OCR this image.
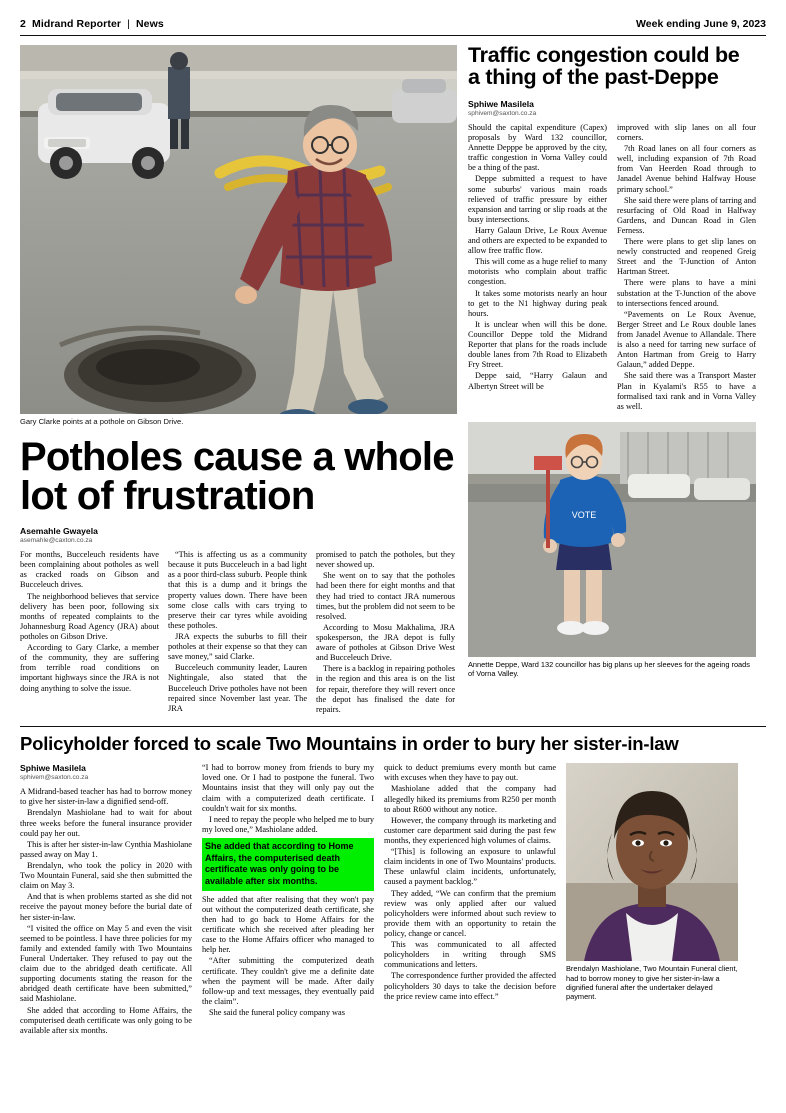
2 Midrand Reporter | News	Week ending June 9, 2023
Gary Clarke points at a pothole on Gibson Drive.
Potholes cause a whole lot of frustration
Asemahle Gwayela
asemahle@caxton.co.za

For months, Bucceleuch residents have been complaining about potholes as well as cracked roads on Gibson and Bucceleuch drives.

The neighborhood believes that service delivery has been poor, following six months of repeated complaints to the Johannesburg Road Agency (JRA) about potholes on Gibson Drive.

According to Gary Clarke, a member of the community, they are suffering from terrible road conditions on important highways since the JRA is not doing anything to solve the issue.

“This is affecting us as a community because it puts Bucceleuch in a bad light as a poor third-class suburb. People think that this is a dump and it brings the property values down. There have been some close calls with cars trying to preserve their car tyres while avoiding these potholes.

JRA expects the suburbs to fill their potholes at their expense so that they can save money,” said Clarke.

Bucceleuch community leader, Lauren Nightingale, also stated that the Bucceleuch Drive potholes have not been repaired since November last year. The JRA

promised to patch the potholes, but they never showed up.

She went on to say that the potholes had been there for eight months and that they had tried to contact JRA numerous times, but the problem did not seem to be resolved.

According to Mosu Makhalima, JRA spokesperson, the JRA depot is fully aware of potholes at Gibson Drive West and Bucceleuch Drive.

There is a backlog in repairing potholes in the region and this area is on the list for repair, therefore they will revert once the depot has finalised the date for repairs.

Traffic congestion could be a thing of the past-Deppe
Sphiwe Masilela
sphivem@saxton.co.za

Should the capital expenditure (Capex) proposals by Ward 132 councillor, Annette Depppe be approved by the city, traffic congestion in Vorna Valley could be a thing of the past.

Deppe submitted a request to have some suburbs' various main roads relieved of traffic pressure by either expansion and tarring or slip roads at the busy intersections.

Harry Galaun Drive, Le Roux Avenue and others are expected to be expanded to allow free traffic flow.

This will come as a huge relief to many motorists who complain about traffic congestion.

It takes some motorists nearly an hour to get to the N1 highway during peak hours.

It is unclear when will this be done. Councillor Deppe told the Midrand Reporter that plans for the roads include double lanes from 7th Road to Elizabeth Fry Street.

Deppe said, “Harry Galaun and Albertyn Street will be

improved with slip lanes on all four corners.

7th Road lanes on all four corners as well, including expansion of 7th Road from Van Heerden Road through to Janadel Avenue behind Halfway House primary school.”

She said there were plans of tarring and resurfacing of Old Road in Halfway Gardens, and Duncan Road in Glen Ferness.

There were plans to get slip lanes on newly constructed and reopened Greig Street and the T-Junction of Anton Hartman Street.

There were plans to have a mini substation at the T-Junction of the above to intersections fenced around.

“Pavements on Le Roux Avenue, Berger Street and Le Roux double lanes from Janadel Avenue to Allandale. There is also a need for tarring new surface of Anton Hartman from Greig to Harry Galaun,” added Deppe.

She said there was a Transport Master Plan in Kyalami's R55 to have a formalised taxi rank and in Vorna Valley as well.

VOTE
Annette Deppe, Ward 132 councillor has big plans up her sleeves for the ageing roads of Vorna Valley.
Policyholder forced to scale Two Mountains in order to bury her sister-in-law
Sphiwe Masilela
sphivem@saxton.co.za

A Midrand-based teacher has had to borrow money to give her sister-in-law a dignified send-off.

Brendalyn Mashiolane had to wait for about three weeks before the funeral insurance provider could pay her out.

This is after her sister-in-law Cynthia Mashiolane passed away on May 1.

Brendalyn, who took the policy in 2020 with Two Mountain Funeral, said she then submitted the claim on May 3.

And that is when problems started as she did not receive the payout money before the burial date of her sister-in-law.

“I visited the office on May 5 and even the visit seemed to be pointless. I have three policies for my family and extended family with Two Mountains Funeral Undertaker. They refused to pay out the claim due to the abridged death certificate. All supporting documents stating the reason for the abridged death certificate have been submitted,” said Mashiolane.

She added that according to Home Affairs, the computerised death certificate was only going to be available after six months.

“I had to borrow money from friends to bury my loved one. Or I had to postpone the funeral. Two Mountains insist that they will only pay out the claim with a computerized death certificate. I couldn't wait for six months.

I need to repay the people who helped me to bury my loved one,” Mashiolane added.

She added that according to Home Affairs, the computerised death certificate was only going to be available after six months.

She added that after realising that they won't pay out without the computerized death certificate, she then had to go back to Home Affairs for the certificate which she received after pleading her case to the Home Affairs officer who managed to help her.

“After submitting the computerized death certificate. They couldn't give me a definite date when the payment will be made. After daily follow-up and text messages, they eventually paid the claim”.

She said the funeral policy company was

quick to deduct premiums every month but came with excuses when they have to pay out.

Mashiolane added that the company had allegedly hiked its premiums from R250 per month to about R600 without any notice.

However, the company through its marketing and customer care department said during the past few months, they experienced high volumes of claims.

“[This] is following an exposure to unlawful claim incidents in one of Two Mountains' products. These unlawful claim incidents, unfortunately, caused a payment backlog.”

They added, “We can confirm that the premium review was only applied after our valued policyholders were informed about such review to provide them with an opportunity to retain the policy, change or cancel.

This was communicated to all affected policyholders in writing through SMS communications and letters.

The correspondence further provided the affected policyholders 30 days to take the decision before the price review came into effect.”

Brendalyn Mashiolane, Two Mountain Funeral client, had to borrow money to give her sister-in-law a dignified funeral after the undertaker delayed payment.
